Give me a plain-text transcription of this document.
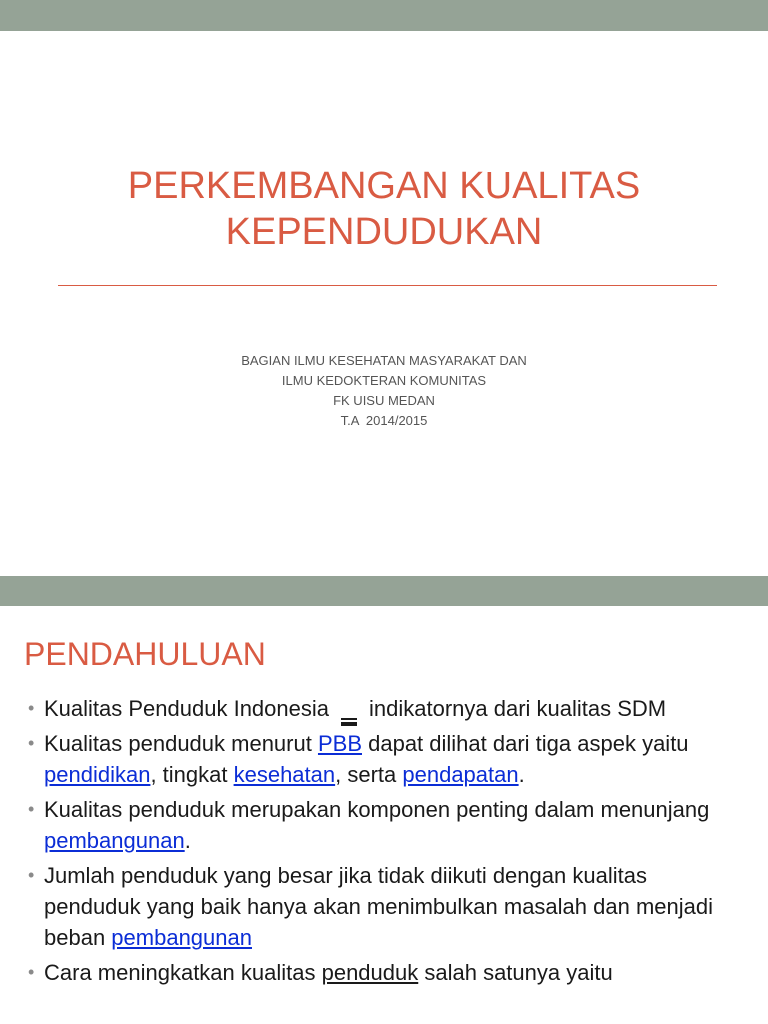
PERKEMBANGAN KUALITAS
KEPENDUDUKAN
BAGIAN ILMU KESEHATAN MASYARAKAT DAN
ILMU KEDOKTERAN KOMUNITAS
FK UISU MEDAN
T.A  2014/2015
PENDAHULUAN
• Kualitas Penduduk Indonesia indikatornya dari kualitas SDM
• Kualitas penduduk menurut PBB dapat dilihat dari tiga aspek yaitu pendidikan, tingkat kesehatan, serta pendapatan.
• Kualitas penduduk merupakan komponen penting dalam menunjang pembangunan.
• Jumlah penduduk yang besar jika tidak diikuti dengan kualitas penduduk yang baik hanya akan menimbulkan masalah dan menjadi beban pembangunan
• Cara meningkatkan kualitas penduduk salah satunya yaitu
